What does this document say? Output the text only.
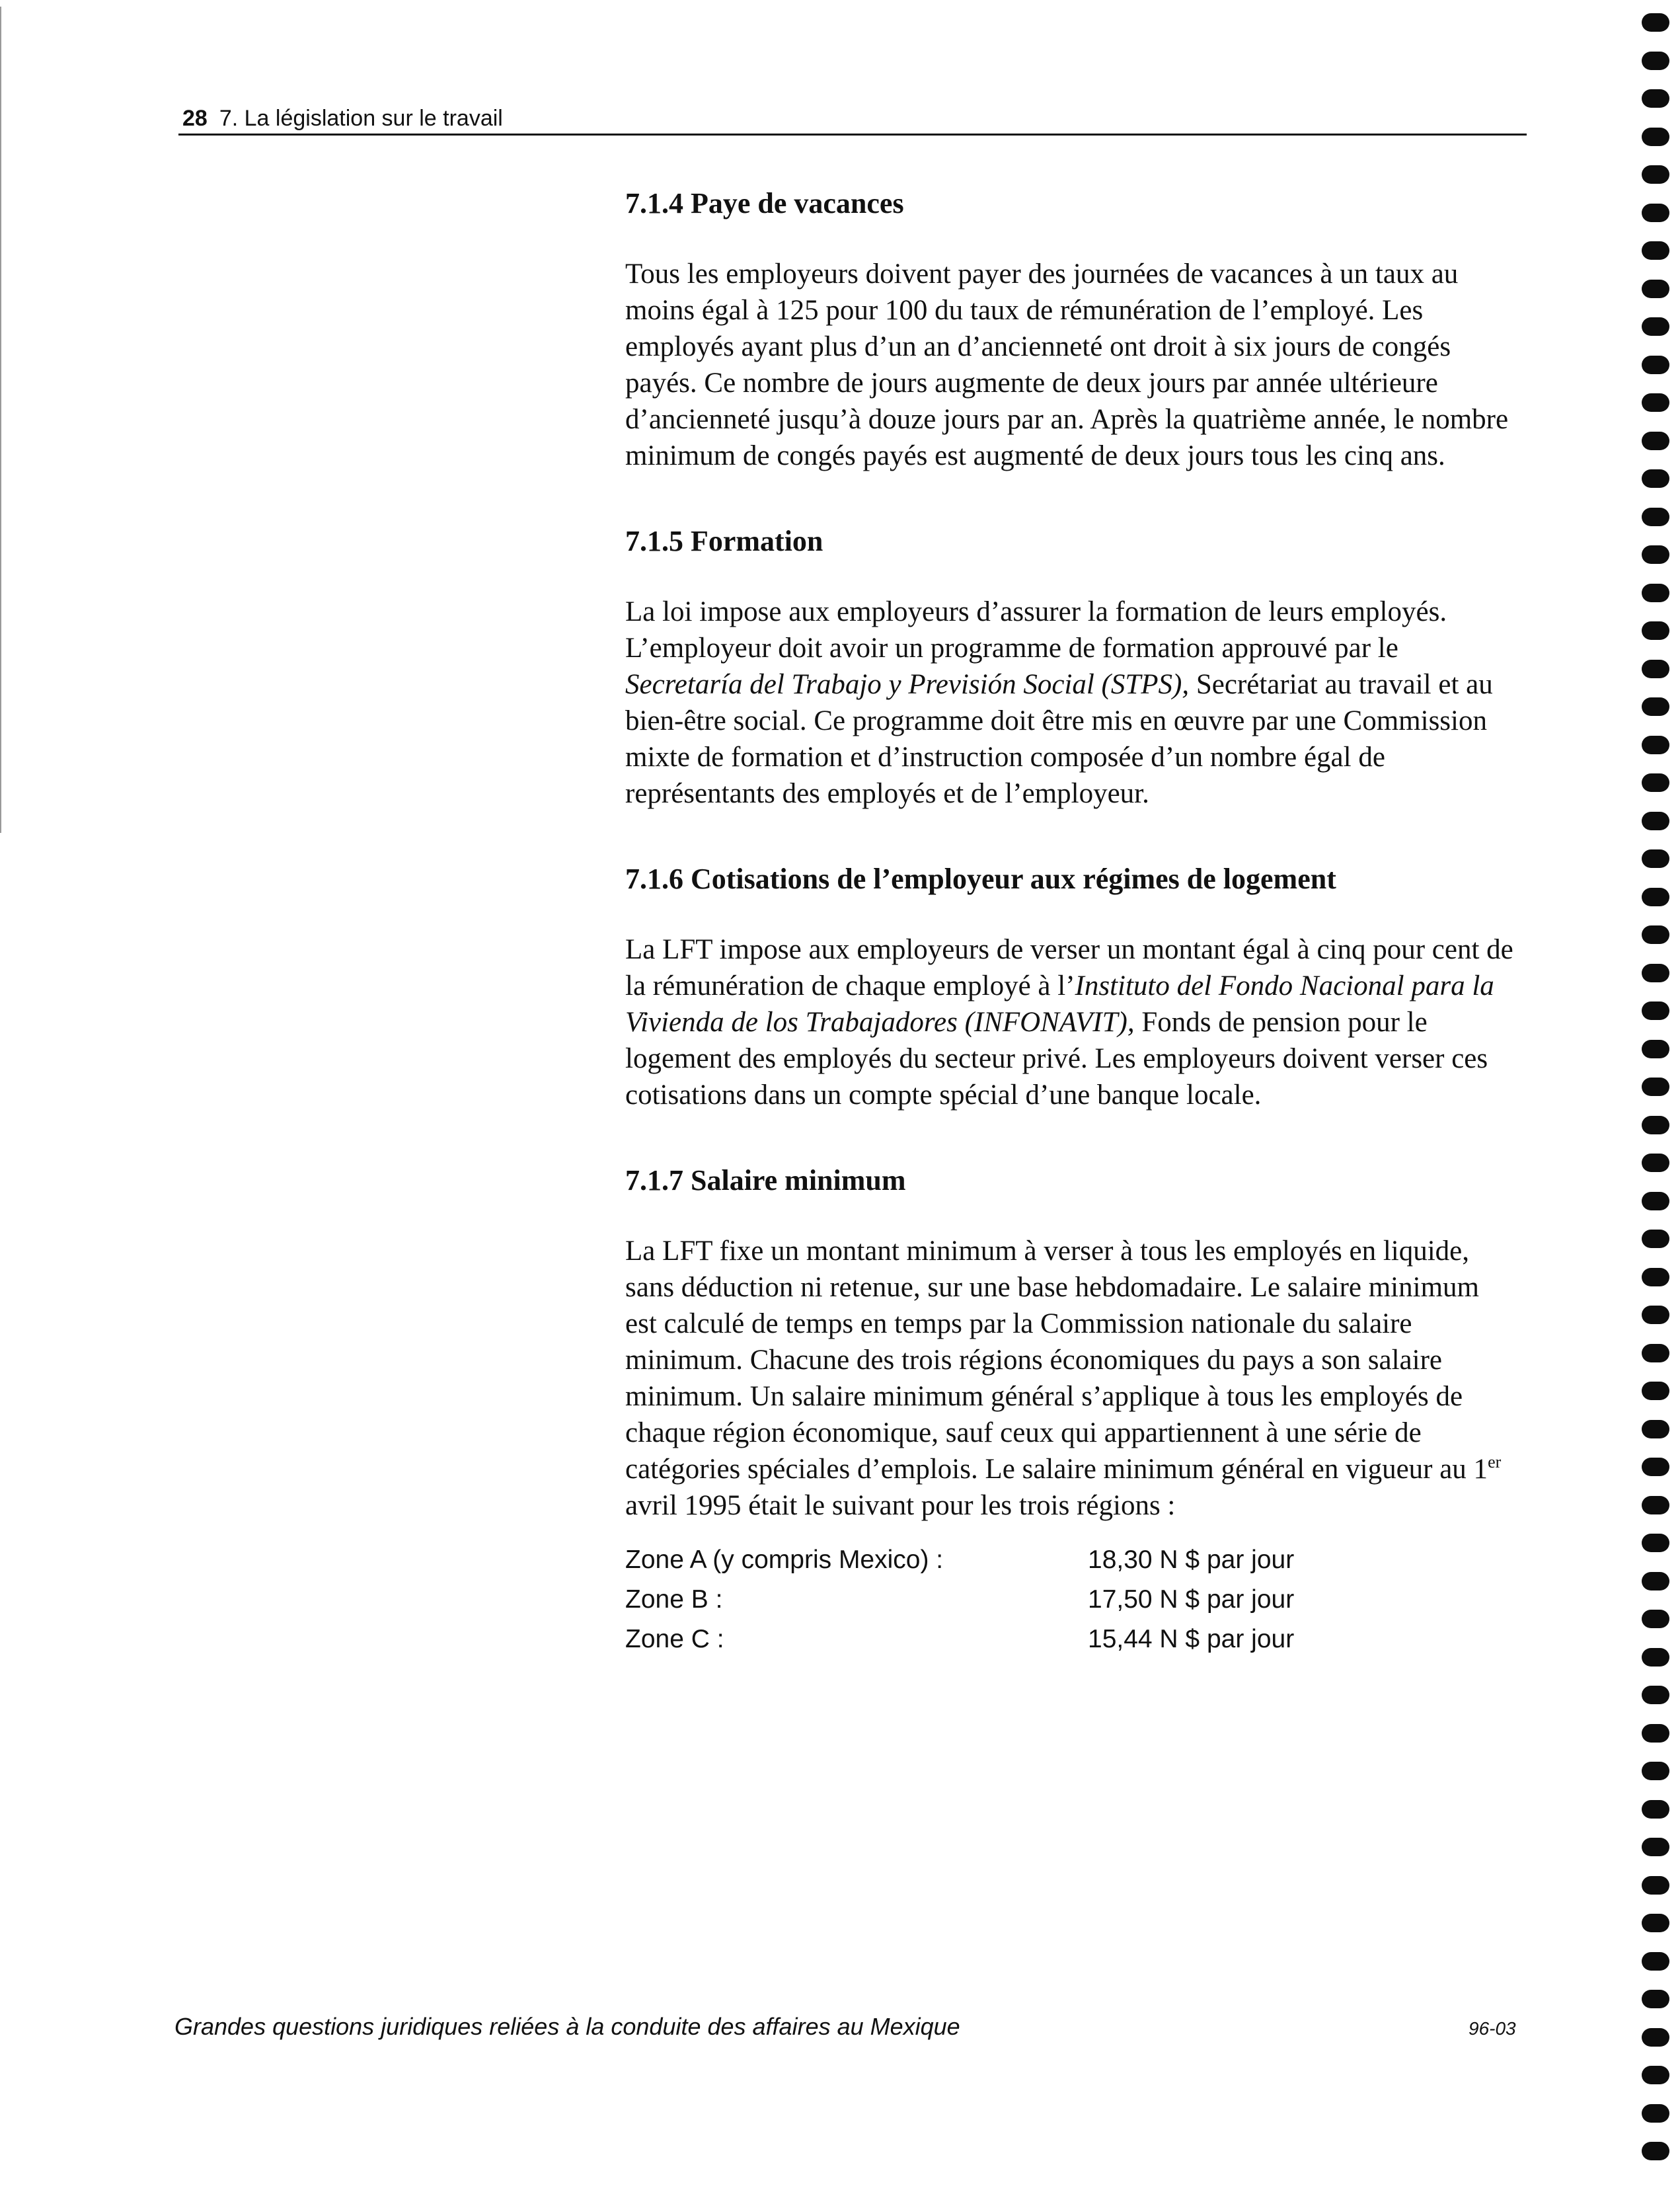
28 7. La législation sur le travail
7.1.4 Paye de vacances

Tous les employeurs doivent payer des journées de vacances à un taux au moins égal à 125 pour 100 du taux de rémunération de l’employé. Les employés ayant plus d’un an d’ancienneté ont droit à six jours de congés payés. Ce nombre de jours augmente de deux jours par année ultérieure d’ancienneté jusqu’à douze jours par an. Après la quatrième année, le nombre minimum de congés payés est augmenté de deux jours tous les cinq ans.

7.1.5 Formation

La loi impose aux employeurs d’assurer la formation de leurs employés. L’employeur doit avoir un programme de formation approuvé par le Secretaría del Trabajo y Previsión Social (STPS), Secrétariat au travail et au bien-être social. Ce programme doit être mis en œuvre par une Commission mixte de formation et d’instruction composée d’un nombre égal de représentants des employés et de l’employeur.

7.1.6 Cotisations de l’employeur aux régimes de logement

La LFT impose aux employeurs de verser un montant égal à cinq pour cent de la rémunération de chaque employé à l’Instituto del Fondo Nacional para la Vivienda de los Trabajadores (INFONAVIT), Fonds de pension pour le logement des employés du secteur privé. Les employeurs doivent verser ces cotisations dans un compte spécial d’une banque locale.

7.1.7 Salaire minimum

La LFT fixe un montant minimum à verser à tous les employés en liquide, sans déduction ni retenue, sur une base hebdomadaire. Le salaire minimum est calculé de temps en temps par la Commission nationale du salaire minimum. Chacune des trois régions économiques du pays a son salaire minimum. Un salaire minimum général s’applique à tous les employés de chaque région économique, sauf ceux qui appartiennent à une série de catégories spéciales d’emplois. Le salaire minimum général en vigueur au 1er avril 1995 était le suivant pour les trois régions :

Zone A (y compris Mexico) :	18,30 N $ par jour
Zone B :	17,50 N $ par jour
Zone C :	15,44 N $ par jour
Grandes questions juridiques reliées à la conduite des affaires au Mexique	96-03
